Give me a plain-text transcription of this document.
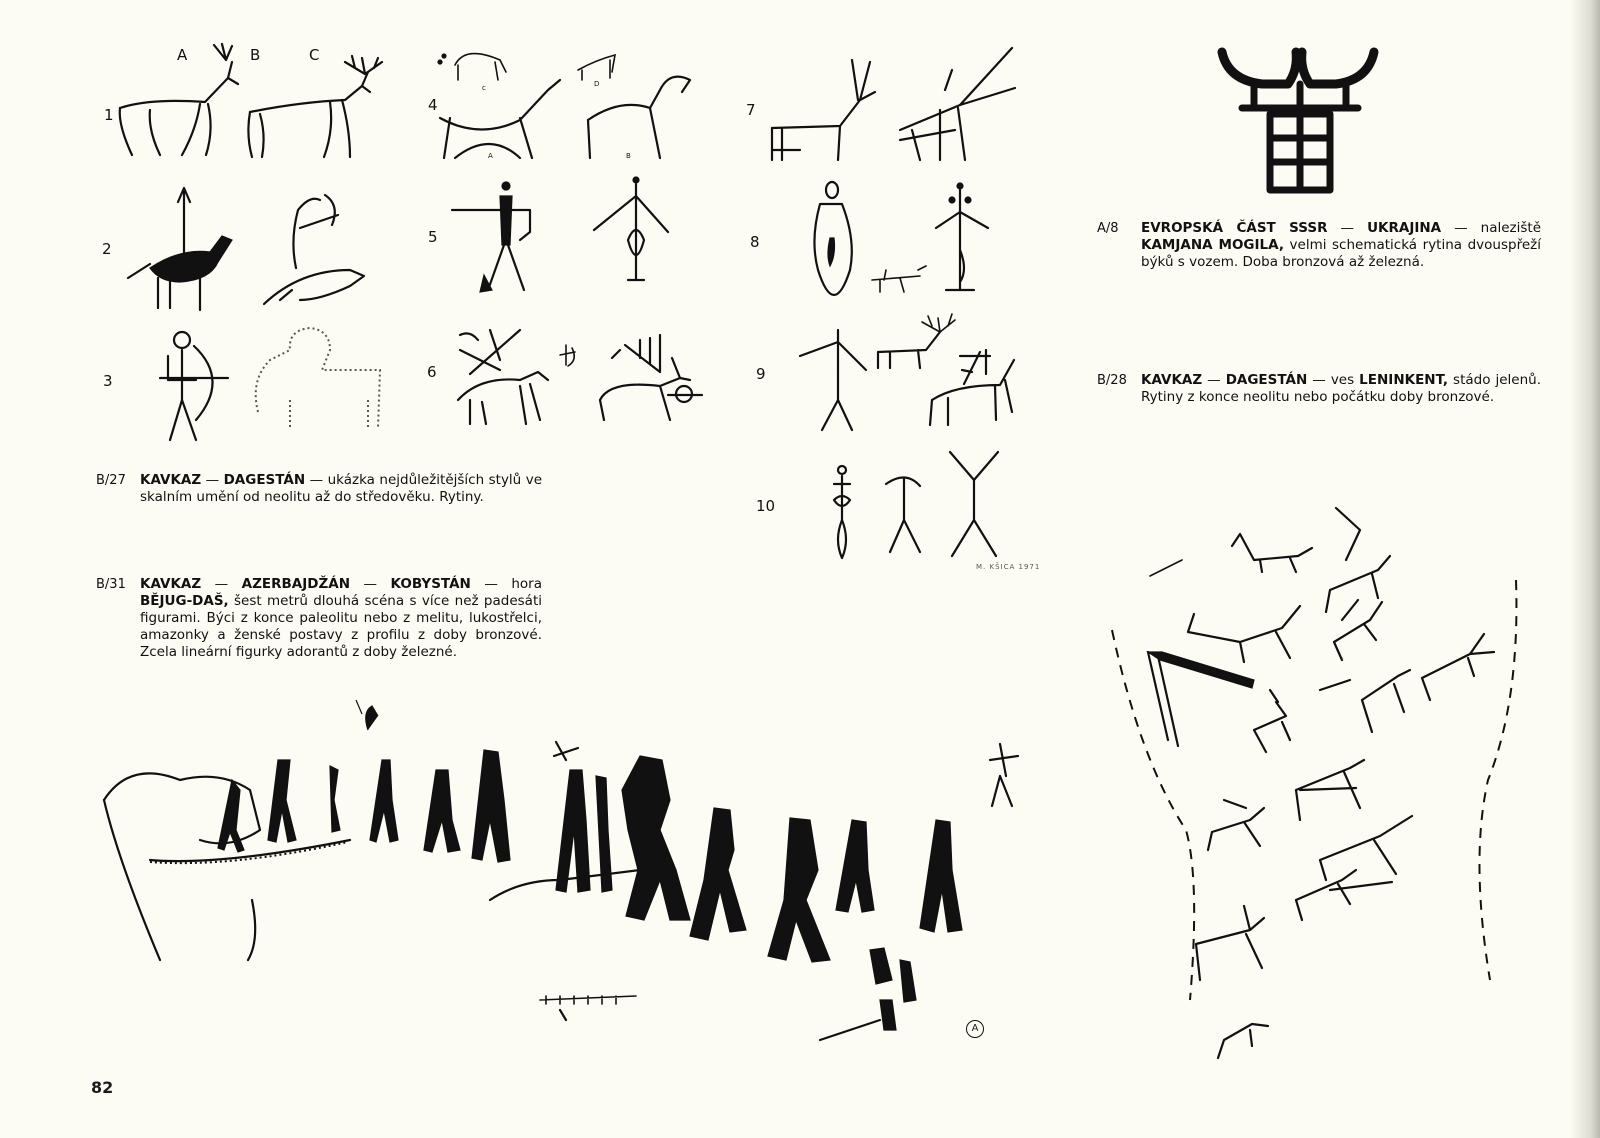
A	B	C
c	D
A	B
1
2
3
4
5
6
7
8
9
10
M. KŠICA 1971
A
B/27 KAVKAZ — DAGESTÁN — ukázka nejdůležitějších stylů ve skalním umění od neolitu až do středověku. Rytiny.
B/31 KAVKAZ — AZERBAJDŽÁN — KOBYSTÁN — hora BĚJUG-DAŠ, šest metrů dlouhá scéna s více než padesáti figurami. Býci z konce paleolitu nebo z melitu, lukostřelci, amazonky a ženské postavy z profilu z doby bronzové. Zcela lineární figurky adorantů z doby železné.
A/8 EVROPSKÁ ČÁST SSSR — UKRAJINA — naleziště KAMJANA MOGILA, velmi schematická rytina dvouspřeží býků s vozem. Doba bronzová až železná.
B/28 KAVKAZ — DAGESTÁN — ves LENINKENT, stádo jelenů. Rytiny z konce neolitu nebo počátku doby bronzové.
82
